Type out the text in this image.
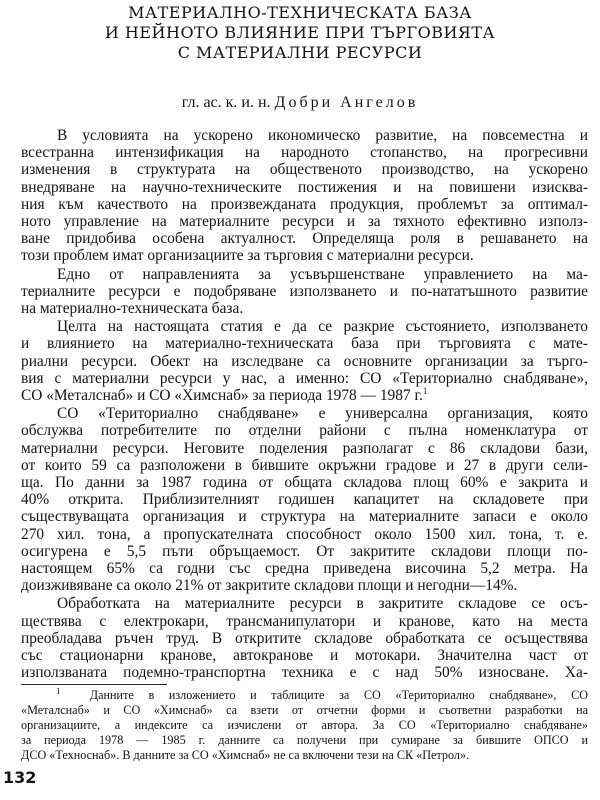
МАТЕРИАЛНО-ТЕХНИЧЕСКАТА БАЗА
И НЕЙНОТО ВЛИЯНИЕ ПРИ ТЪРГОВИЯТА
С МАТЕРИАЛНИ РЕСУРСИ
гл. ас. к. и. н. Добри Ангелов
В условията на ускорено икономическо развитие, на повсеместна и
всестранна интензификация на народното стопанство, на прогресивни
изменения в структурата на общественото производство, на ускорено
внедряване на научно-техническите постижения и на повишени изисква-
ния към качеството на произвежданата продукция, проблемът за оптимал-
ното управление на материалните ресурси и за тяхното ефективно използ-
ване придобива особена актуалност. Определяща роля в решаването на
този проблем имат организациите за търговия с материални ресурси.
Едно от направленията за усъвършенстване управлението на ма-
териалните ресурси е подобряване използването и по-нататъшното развитие
на материално-техническата база.
Целта на настоящата статия е да се разкрие състоянието, използването
и влиянието на материално-техническата база при търговията с мате-
риални ресурси. Обект на изследване са основните организации за търго-
вия с материални ресурси у нас, а именно: СО «Териториално снабдяване»,
СО «Металснаб» и СО «Химснаб» за периода 1978 — 1987 г.$^1$
СО «Териториално снабдяване» е универсална организация, която
обслужва потребителите по отделни райони с пълна номенклатура от
материални ресурси. Неговите поделения разполагат с 86 складови бази,
от които 59 са разположени в бившите окръжни градове и 27 в други сели-
ща. По данни за 1987 година от общата складова площ 60% е закрита и
40% открита. Приблизителният годишен капацитет на складовете при
съществуващата организация и структура на материалните запаси е около
270 хил. тона, а пропускателната способност около 1500 хил. тона, т. е.
осигурена е 5,5 пъти обръщаемост. От закритите складови площи по-
настоящем 65% са годни със средна приведена височина 5,2 метра. На
доизживяване са около 21% от закритите складови площи и негодни—14%.
Обработката на материалните ресурси в закритите складове се осъ-
ществява с електрокари, трансманипулатори и кранове, като на места
преобладава ръчен труд. В откритите складове обработката се осъществява
със стационарни кранове, автокранове и мотокари. Значителна част от
използваната подемно-транспортна техника е с над 50% износване. Ха-
$^1$ Данните в изложението и таблиците за СО «Териториално снабдяване», СО
«Металснаб» и СО «Химснаб» са взети от отчетни форми и съответни разработки на
организациите, а индексите са изчислени от автора. За СО «Териториално снабдяване»
за периода 1978 — 1985 г. данните са получени при сумиране за бившите ОПСО и
ДСО «Техноснаб». В данните за СО «Химснаб» не са включени тези на СК «Петрол».
132
